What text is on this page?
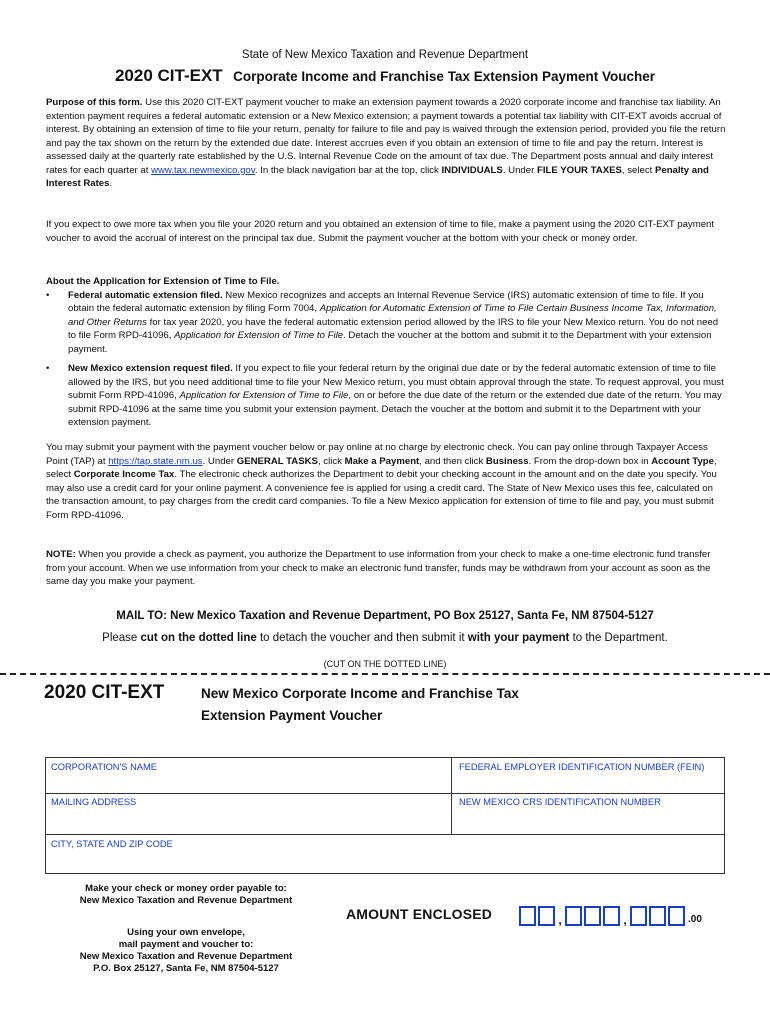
State of New Mexico Taxation and Revenue Department
2020 CIT-EXT Corporate Income and Franchise Tax Extension Payment Voucher

Purpose of this form. Use this 2020 CIT-EXT payment voucher to make an extension payment towards a 2020 corporate income and franchise tax liability. An extention payment requires a federal automatic extension or a New Mexico extension; a payment towards a potential tax liability with CIT-EXT avoids accrual of interest. By obtaining an extension of time to file your return, penalty for failure to file and pay is waived through the extension period, provided you file the return and pay the tax shown on the return by the extended due date. Interest accrues even if you obtain an extension of time to file and pay the return. Interest is assessed daily at the quarterly rate established by the U.S. Internal Revenue Code on the amount of tax due. The Department posts annual and daily interest rates for each quarter at www.tax.newmexico.gov. In the black navigation bar at the top, click INDIVIDUALS. Under FILE YOUR TAXES, select Penalty and Interest Rates.

If you expect to owe more tax when you file your 2020 return and you obtained an extension of time to file, make a payment using the 2020 CIT-EXT payment voucher to avoid the accrual of interest on the principal tax due. Submit the payment voucher at the bottom with your check or money order.

About the Application for Extension of Time to File.

• Federal automatic extension filed. New Mexico recognizes and accepts an Internal Revenue Service (IRS) automatic extension of time to file. If you obtain the federal automatic extension by filing Form 7004, Application for Automatic Extension of Time to File Certain Business Income Tax, Information, and Other Returns for tax year 2020, you have the federal automatic extension period allowed by the IRS to file your New Mexico return. You do not need to file Form RPD-41096, Application for Extension of Time to File. Detach the voucher at the bottom and submit it to the Department with your extension payment.
• New Mexico extension request filed. If you expect to file your federal return by the original due date or by the federal automatic extension of time to file allowed by the IRS, but you need additional time to file your New Mexico return, you must obtain approval through the state. To request approval, you must submit Form RPD-41096, Application for Extension of Time to File, on or before the due date of the return or the extended due date of the return. You may submit RPD-41096 at the same time you submit your extension payment. Detach the voucher at the bottom and submit it to the Department with your extension payment.

You may submit your payment with the payment voucher below or pay online at no charge by electronic check. You can pay online through Taxpayer Access Point (TAP) at https://tap.state.nm.us. Under GENERAL TASKS, click Make a Payment, and then click Business. From the drop-down box in Account Type, select Corporate Income Tax. The electronic check authorizes the Department to debit your checking account in the amount and on the date you specify. You may also use a credit card for your online payment. A convenience fee is applied for using a credit card. The State of New Mexico uses this fee, calculated on the transaction amount, to pay charges from the credit card companies. To file a New Mexico application for extension of time to file and pay, you must submit Form RPD-41096.

NOTE: When you provide a check as payment, you authorize the Department to use information from your check to make a one-time electronic fund transfer from your account. When we use information from your check to make an electronic fund transfer, funds may be withdrawn from your account as soon as the same day you make your payment.

MAIL TO: New Mexico Taxation and Revenue Department, PO Box 25127, Santa Fe, NM 87504-5127
Please cut on the dotted line to detach the voucher and then submit it with your payment to the Department.
(CUT ON THE DOTTED LINE)
2020 CIT-EXT	New Mexico Corporate Income and Franchise Tax
Extension Payment Voucher
CORPORATION'S NAME	FEDERAL EMPLOYER IDENTIFICATION NUMBER (FEIN)
MAILING ADDRESS	NEW MEXICO CRS IDENTIFICATION NUMBER
CITY, STATE AND ZIP CODE
Make your check or money order payable to:
New Mexico Taxation and Revenue Department
Using your own envelope,
mail payment and voucher to:
New Mexico Taxation and Revenue Department
P.O. Box 25127, Santa Fe, NM 87504-5127
AMOUNT ENCLOSED	,	,	.00
